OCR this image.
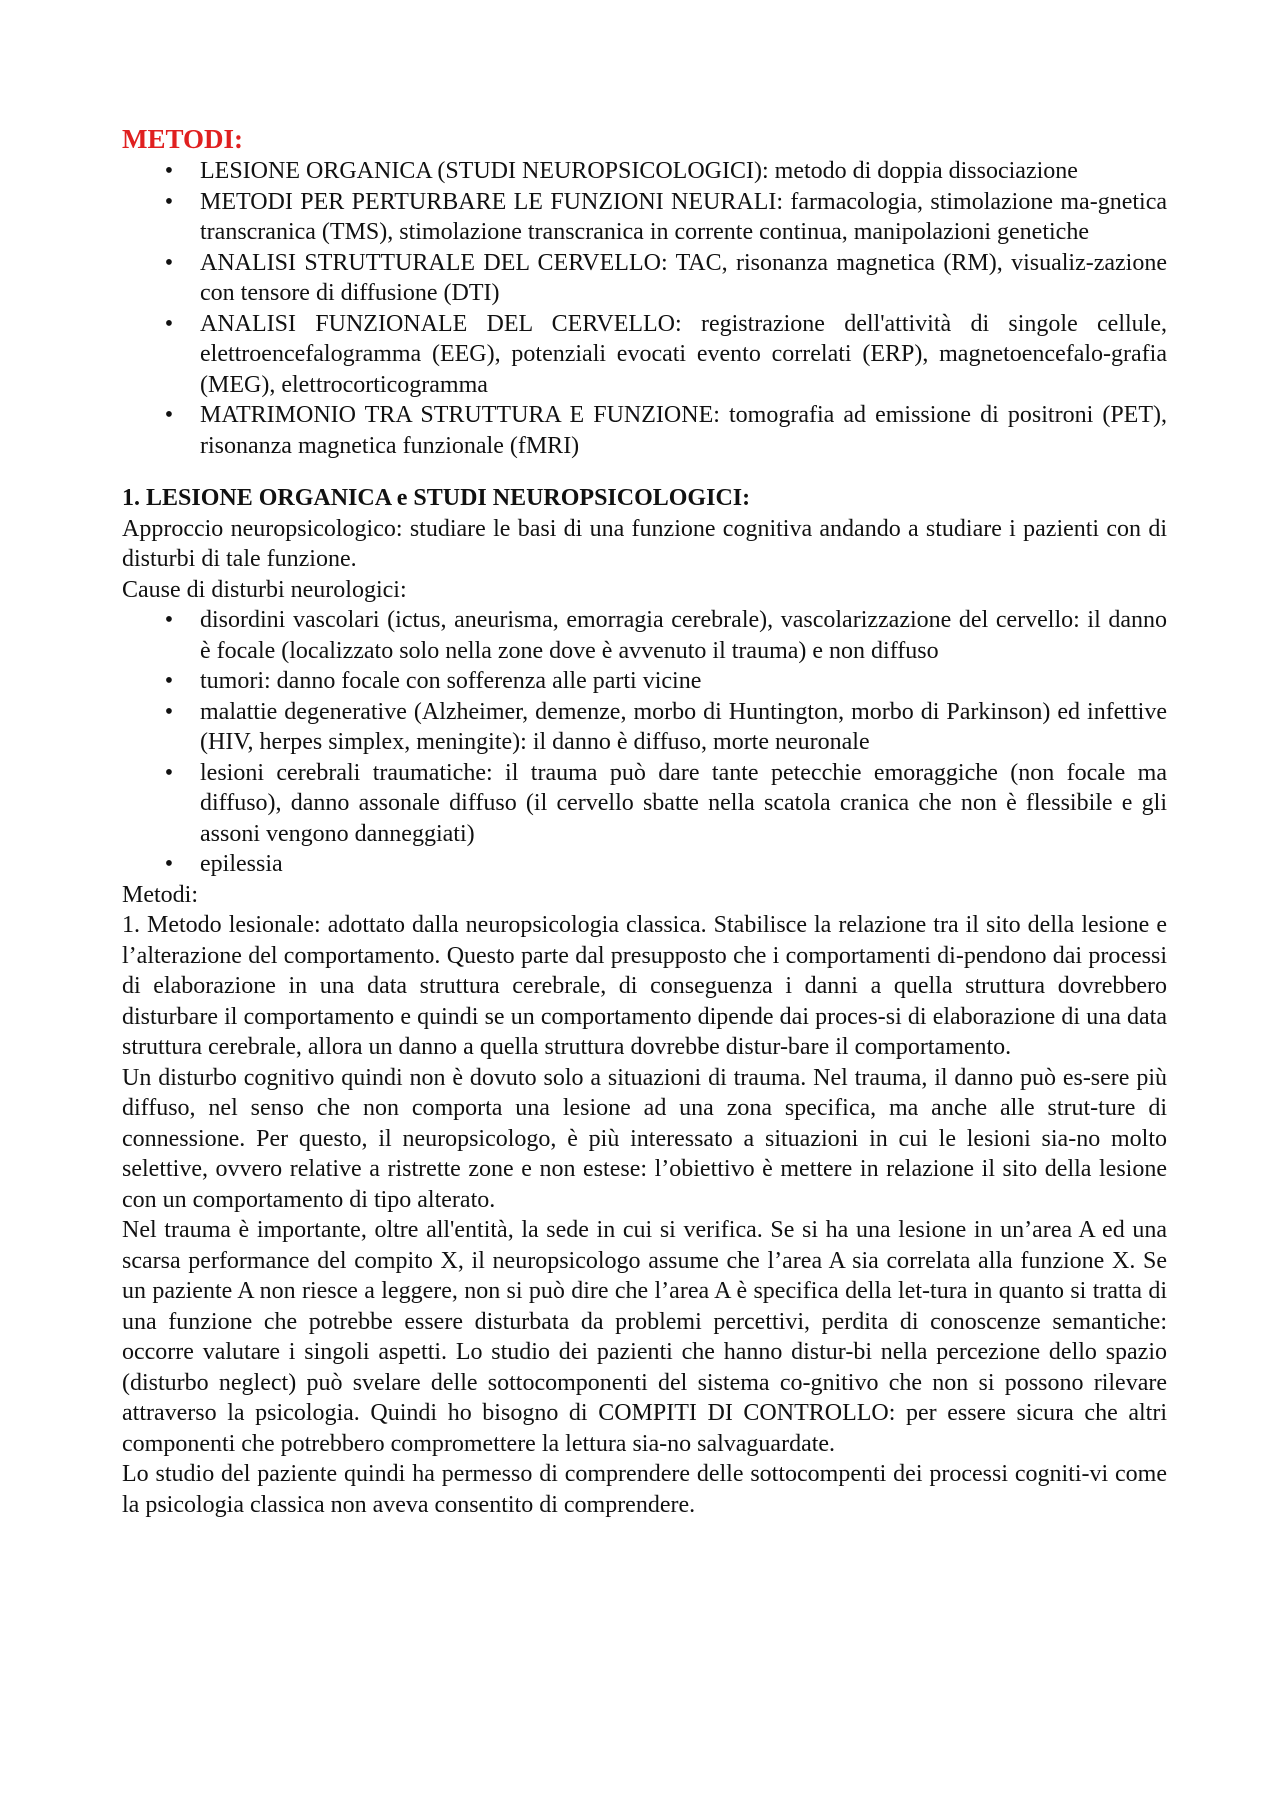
METODI:
• LESIONE ORGANICA (STUDI NEUROPSICOLOGICI): metodo di doppia dissociazione
• METODI PER PERTURBARE LE FUNZIONI NEURALI: farmacologia, stimolazione ma-gnetica transcranica (TMS), stimolazione transcranica in corrente continua, manipolazioni genetiche
• ANALISI STRUTTURALE DEL CERVELLO: TAC, risonanza magnetica (RM), visualiz-zazione con tensore di diffusione (DTI)
• ANALISI FUNZIONALE DEL CERVELLO: registrazione dell'attività di singole cellule, elettroencefalogramma (EEG), potenziali evocati evento correlati (ERP), magnetoencefalo-grafia (MEG), elettrocorticogramma
• MATRIMONIO TRA STRUTTURA E FUNZIONE: tomografia ad emissione di positroni (PET), risonanza magnetica funzionale (fMRI)
1. LESIONE ORGANICA e STUDI NEUROPSICOLOGICI:

Approccio neuropsicologico: studiare le basi di una funzione cognitiva andando a studiare i pazienti con di disturbi di tale funzione.

Cause di disturbi neurologici:

• disordini vascolari (ictus, aneurisma, emorragia cerebrale), vascolarizzazione del cervello: il danno è focale (localizzato solo nella zone dove è avvenuto il trauma) e non diffuso
• tumori: danno focale con sofferenza alle parti vicine
• malattie degenerative (Alzheimer, demenze, morbo di Huntington, morbo di Parkinson) ed infettive (HIV, herpes simplex, meningite): il danno è diffuso, morte neuronale
• lesioni cerebrali traumatiche: il trauma può dare tante petecchie emoraggiche (non focale ma diffuso), danno assonale diffuso (il cervello sbatte nella scatola cranica che non è flessibile e gli assoni vengono danneggiati)
• epilessia

Metodi:

1. Metodo lesionale: adottato dalla neuropsicologia classica. Stabilisce la relazione tra il sito della lesione e l’alterazione del comportamento. Questo parte dal presupposto che i comportamenti di-pendono dai processi di elaborazione in una data struttura cerebrale, di conseguenza i danni a quella struttura dovrebbero disturbare il comportamento e quindi se un comportamento dipende dai proces-si di elaborazione di una data struttura cerebrale, allora un danno a quella struttura dovrebbe distur-bare il comportamento.

Un disturbo cognitivo quindi non è dovuto solo a situazioni di trauma. Nel trauma, il danno può es-sere più diffuso, nel senso che non comporta una lesione ad una zona specifica, ma anche alle strut-ture di connessione. Per questo, il neuropsicologo, è più interessato a situazioni in cui le lesioni sia-no molto selettive, ovvero relative a ristrette zone e non estese: l’obiettivo è mettere in relazione il sito della lesione con un comportamento di tipo alterato.

Nel trauma è importante, oltre all'entità, la sede in cui si verifica. Se si ha una lesione in un’area A ed una scarsa performance del compito X, il neuropsicologo assume che l’area A sia correlata alla funzione X. Se un paziente A non riesce a leggere, non si può dire che l’area A è specifica della let-tura in quanto si tratta di una funzione che potrebbe essere disturbata da problemi percettivi, perdita di conoscenze semantiche: occorre valutare i singoli aspetti. Lo studio dei pazienti che hanno distur-bi nella percezione dello spazio (disturbo neglect) può svelare delle sottocomponenti del sistema co-gnitivo che non si possono rilevare attraverso la psicologia. Quindi ho bisogno di COMPITI DI CONTROLLO: per essere sicura che altri componenti che potrebbero compromettere la lettura sia-no salvaguardate.

Lo studio del paziente quindi ha permesso di comprendere delle sottocompenti dei processi cogniti-vi come la psicologia classica non aveva consentito di comprendere.
